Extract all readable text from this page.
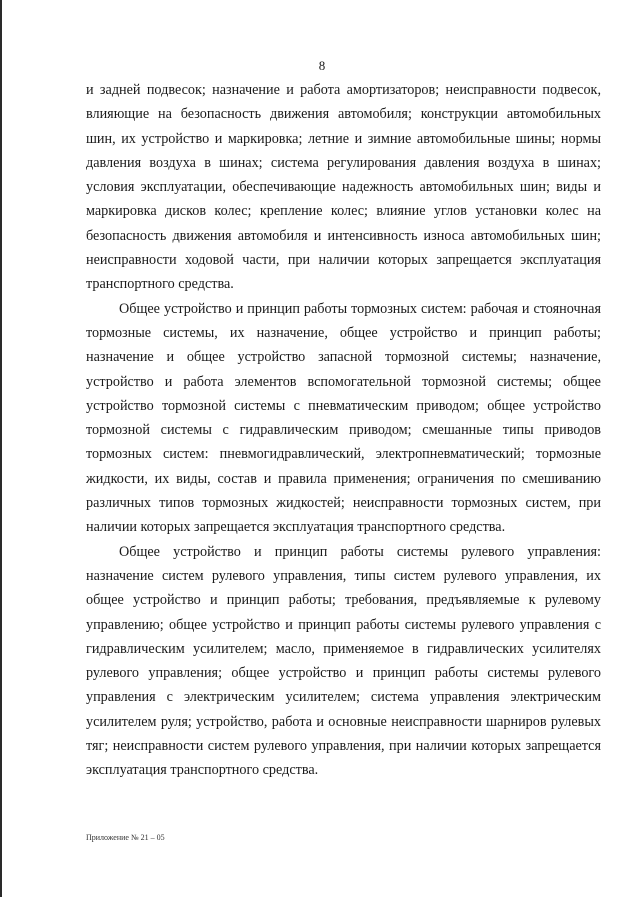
8

и задней подвесок; назначение и работа амортизаторов; неисправности подвесок, влияющие на безопасность движения автомобиля; конструкции автомобильных шин, их устройство и маркировка; летние и зимние автомобильные шины; нормы давления воздуха в шинах; система регулирования давления воздуха в шинах; условия эксплуатации, обеспечивающие надежность автомобильных шин; виды и маркировка дисков колес; крепление колес; влияние углов установки колес на безопасность движения автомобиля и интенсивность износа автомобильных шин; неисправности ходовой части, при наличии которых запрещается эксплуатация транспортного средства.

Общее устройство и принцип работы тормозных систем: рабочая и стояночная тормозные системы, их назначение, общее устройство и принцип работы; назначение и общее устройство запасной тормозной системы; назначение, устройство и работа элементов вспомогательной тормозной системы; общее устройство тормозной системы с пневматическим приводом; общее устройство тормозной системы с гидравлическим приводом; смешанные типы приводов тормозных систем: пневмогидравлический, электропневматический; тормозные жидкости, их виды, состав и правила применения; ограничения по смешиванию различных типов тормозных жидкостей; неисправности тормозных систем, при наличии которых запрещается эксплуатация транспортного средства.

Общее устройство и принцип работы системы рулевого управления: назначение систем рулевого управления, типы систем рулевого управления, их общее устройство и принцип работы; требования, предъявляемые к рулевому управлению; общее устройство и принцип работы системы рулевого управления с гидравлическим усилителем; масло, применяемое в гидравлических усилителях рулевого управления; общее устройство и принцип работы системы рулевого управления с электрическим усилителем; система управления электрическим усилителем руля; устройство, работа и основные неисправности шарниров рулевых тяг; неисправности систем рулевого управления, при наличии которых запрещается эксплуатация транспортного средства.

Приложение № 21 – 05
